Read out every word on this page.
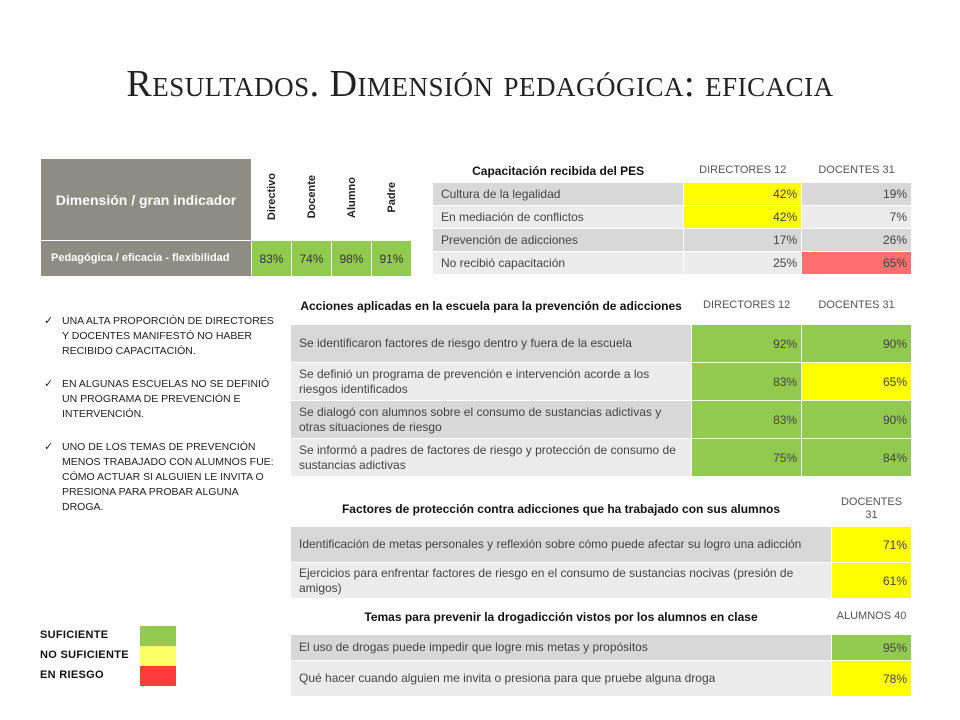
Resultados. Dimensión pedagógica: eficacia
Dimensión / gran indicador	Directivo	Docente	Alumno	Padre
Pedagógica / eficacia - flexibilidad	83%	74%	98%	91%
Capacitación recibida del PES	DIRECTORES 12	DOCENTES 31
Cultura de la legalidad	42%	19%
En mediación de conflictos	42%	7%
Prevención de adicciones	17%	26%
No recibió capacitación	25%	65%
Acciones aplicadas en la escuela para la prevención de adicciones	DIRECTORES 12	DOCENTES 31
Se identificaron factores de riesgo dentro y fuera de la escuela	92%	90%
Se definió un programa de prevención e intervención acorde a los riesgos identificados	83%	65%
Se dialogó con alumnos sobre el consumo de sustancias adictivas y otras situaciones de riesgo	83%	90%
Se informó a padres de factores de riesgo y protección de consumo de sustancias adictivas	75%	84%
Factores de protección contra adicciones que ha trabajado con sus alumnos	DOCENTES 31
Identificación de metas personales y reflexión sobre cómo puede afectar su logro una adicción	71%
Ejercicios para enfrentar factores de riesgo en el consumo de sustancias nocivas (presión de amigos)	61%
Temas para prevenir la drogadicción vistos por los alumnos en clase	ALUMNOS 40
El uso de drogas puede impedir que logre mis metas y propósitos	95%
Qué hacer cuando alguien me invita o presiona para que pruebe alguna droga	78%
✓ UNA ALTA PROPORCIÓN DE DIRECTORES Y DOCENTES MANIFESTÓ NO HABER RECIBIDO CAPACITACIÓN.
✓ EN ALGUNAS ESCUELAS NO SE DEFINIÓ UN PROGRAMA DE PREVENCIÓN E INTERVENCIÓN.
✓ UNO DE LOS TEMAS DE PREVENCIÓN MENOS TRABAJADO CON ALUMNOS FUE: CÓMO ACTUAR SI ALGUIEN LE INVITA O PRESIONA PARA PROBAR ALGUNA DROGA.
SUFICIENTE
NO SUFICIENTE
EN RIESGO
